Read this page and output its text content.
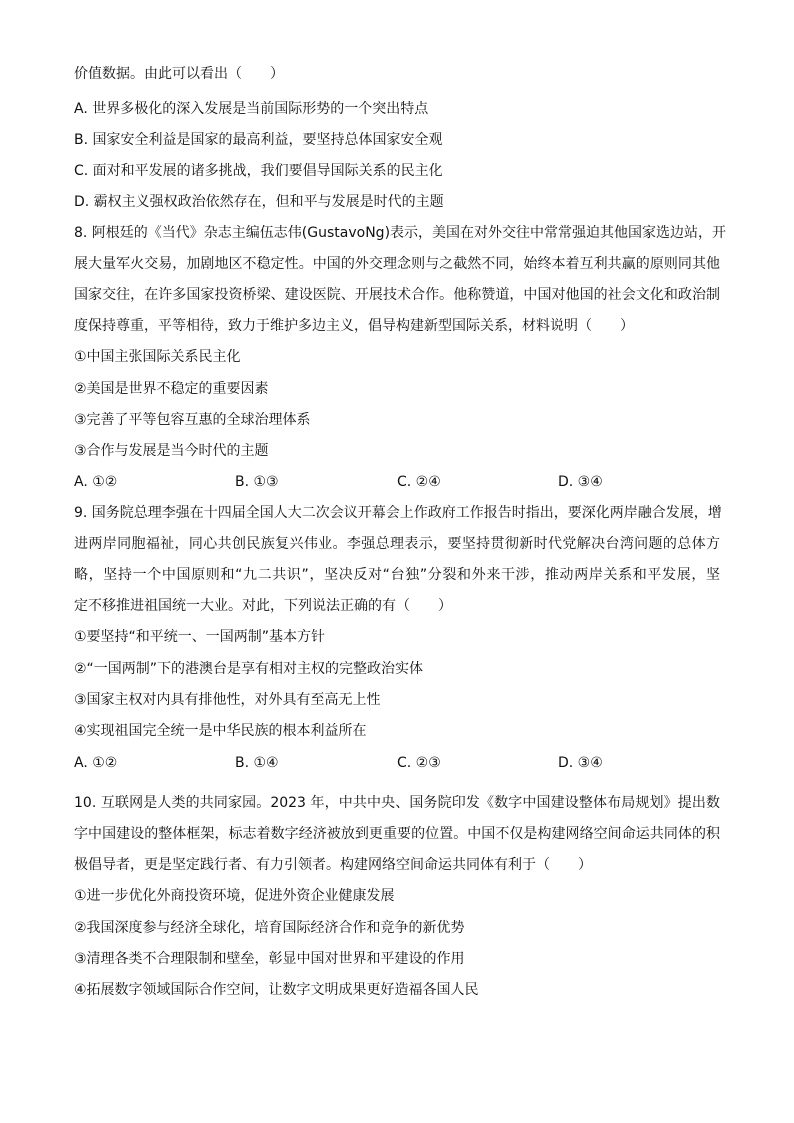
价值数据。由此可以看出（　　）
A. 世界多极化的深入发展是当前国际形势的一个突出特点
B. 国家安全利益是国家的最高利益，要坚持总体国家安全观
C. 面对和平发展的诸多挑战，我们要倡导国际关系的民主化
D. 霸权主义强权政治依然存在，但和平与发展是时代的主题
8. 阿根廷的《当代》杂志主编伍志伟(GustavoNg)表示，美国在对外交往中常常强迫其他国家选边站，开
展大量军火交易，加剧地区不稳定性。中国的外交理念则与之截然不同，始终本着互利共赢的原则同其他
国家交往，在许多国家投资桥梁、建设医院、开展技术合作。他称赞道，中国对他国的社会文化和政治制
度保持尊重，平等相待，致力于维护多边主义，倡导构建新型国际关系，材料说明（　　）
①中国主张国际关系民主化
②美国是世界不稳定的重要因素
③完善了平等包容互惠的全球治理体系
③合作与发展是当今时代的主题
A. ①②	B. ①③	C. ②④	D. ③④
9. 国务院总理李强在十四届全国人大二次会议开幕会上作政府工作报告时指出，要深化两岸融合发展，增
进两岸同胞福祉，同心共创民族复兴伟业。李强总理表示，要坚持贯彻新时代党解决台湾问题的总体方
略，坚持一个中国原则和“九二共识”，坚决反对“台独”分裂和外来干涉，推动两岸关系和平发展，坚
定不移推进祖国统一大业。对此，下列说法正确的有（　　）
①要坚持“和平统一、一国两制”基本方针
②“一国两制”下的港澳台是享有相对主权的完整政治实体
③国家主权对内具有排他性，对外具有至高无上性
④实现祖国完全统一是中华民族的根本利益所在
A. ①②	B. ①④	C. ②③	D. ③④
10. 互联网是人类的共同家园。2023 年，中共中央、国务院印发《数字中国建设整体布局规划》提出数
字中国建设的整体框架，标志着数字经济被放到更重要的位置。中国不仅是构建网络空间命运共同体的积
极倡导者，更是坚定践行者、有力引领者。构建网络空间命运共同体有利于（　　）
①进一步优化外商投资环境，促进外资企业健康发展
②我国深度参与经济全球化，培育国际经济合作和竞争的新优势
③清理各类不合理限制和壁垒，彰显中国对世界和平建设的作用
④拓展数字领域国际合作空间，让数字文明成果更好造福各国人民
